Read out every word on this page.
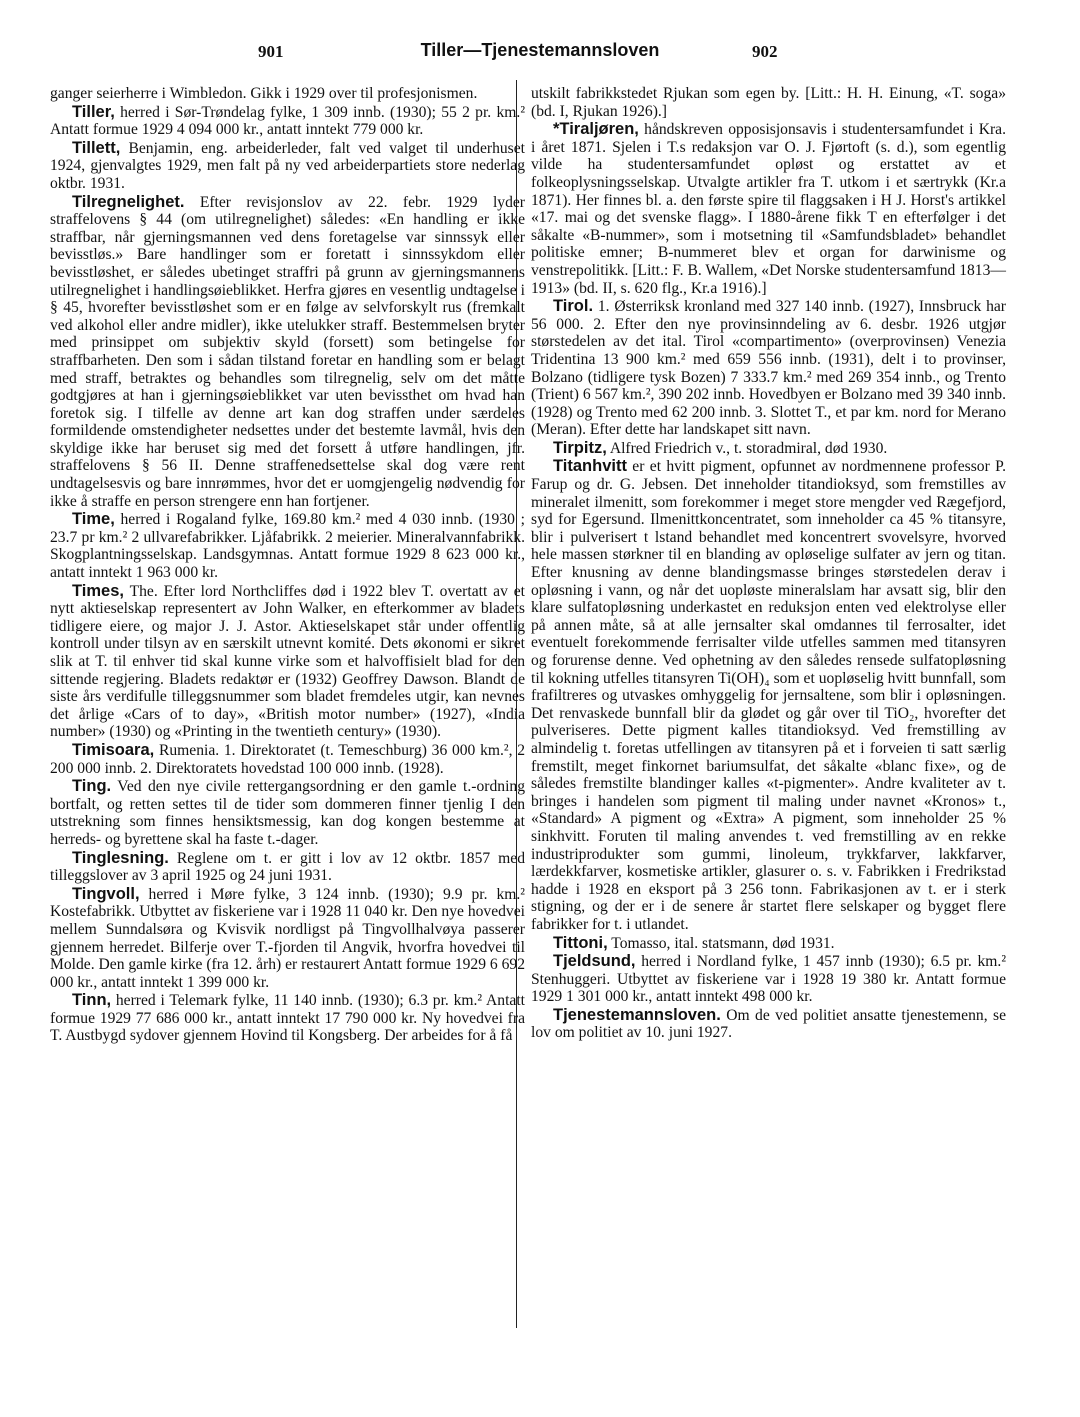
901	Tiller—Tjenestemannsloven	902

ganger seierherre i Wimbledon. Gikk i 1929 over til profesjonismen.

Tiller, herred i Sør-Trøndelag fylke, 1 309 innb. (1930); 55 2 pr. km.² Antatt formue 1929 4 094 000 kr., antatt inntekt 779 000 kr.

Tillett, Benjamin, eng. arbeiderleder, falt ved valget til underhuset 1924, gjenvalgtes 1929, men falt på ny ved arbeiderpartiets store nederlag oktbr. 1931.

Tilregnelighet. Efter revisjonslov av 22. febr. 1929 lyder straffelovens § 44 (om utilregnelighet) således: «En handling er ikke straffbar, når gjerningsmannen ved dens foretagelse var sinnssyk eller bevisstløs.» Bare handlinger som er foretatt i sinnssykdom eller bevisstløshet, er således ubetinget straffri på grunn av gjerningsmannens utilregnelighet i handlingsøieblikket. Herfra gjøres en vesentlig undtagelse i § 45, hvorefter bevisstløshet som er en følge av selvforskylt rus (fremkalt ved alkohol eller andre midler), ikke utelukker straff. Bestemmelsen bryter med prinsippet om subjektiv skyld (forsett) som betingelse for straffbarheten. Den som i sådan tilstand foretar en handling som er belagt med straff, betraktes og behandles som tilregnelig, selv om det måtte godtgjøres at han i gjerningsøieblikket var uten bevissthet om hvad han foretok sig. I tilfelle av denne art kan dog straffen under særdeles formildende omstendigheter nedsettes under det bestemte lavmål, hvis den skyldige ikke har beruset sig med det forsett å utføre handlingen, jfr. straffelovens § 56 II. Denne straffenedsettelse skal dog være rent undtagelsesvis og bare innrømmes, hvor det er uomgjengelig nødvendig for ikke å straffe en person strengere enn han fortjener.

Time, herred i Rogaland fylke, 169.80 km.² med 4 030 innb. (1930 ; 23.7 pr km.² 2 ullvarefabrikker. Ljåfabrikk. 2 meierier. Mineralvannfabrikk. Skogplantningsselskap. Landsgymnas. Antatt formue 1929 8 623 000 kr., antatt inntekt 1 963 000 kr.

Times, The. Efter lord Northcliffes død i 1922 blev T. overtatt av et nytt aktieselskap representert av John Walker, en efterkommer av bladets tidligere eiere, og major J. J. Astor. Aktieselskapet står under offentlig kontroll under tilsyn av en særskilt utnevnt komité. Dets økonomi er sikret slik at T. til enhver tid skal kunne virke som et halvoffisielt blad for den sittende regjering. Bladets redaktør er (1932) Geoffrey Dawson. Blandt de siste års verdifulle tilleggsnummer som bladet fremdeles utgir, kan nevnes det årlige «Cars of to day», «British motor number» (1927), «India number» (1930) og «Printing in the twentieth century» (1930).

Timisoara, Rumenia. 1. Direktoratet (t. Temeschburg) 36 000 km.², 2 200 000 innb. 2. Direktoratets hovedstad 100 000 innb. (1928).

Ting. Ved den nye civile rettergangsordning er den gamle t.-ordning bortfalt, og retten settes til de tider som dommeren finner tjenlig I den utstrekning som finnes hensiktsmessig, kan dog kongen bestemme at herreds- og byrettene skal ha faste t.-dager.

Tinglesning. Reglene om t. er gitt i lov av 12 oktbr. 1857 med tilleggslover av 3 april 1925 og 24 juni 1931.

Tingvoll, herred i Møre fylke, 3 124 innb. (1930); 9.9 pr. km.² Kostefabrikk. Utbyttet av fiskeriene var i 1928 11 040 kr. Den nye hovedvei mellem Sunndalsøra og Kvisvik nordligst på Tingvollhalvøya passerer gjennem herredet. Bilferje over T.-fjorden til Angvik, hvorfra hovedvei til Molde. Den gamle kirke (fra 12. årh) er restaurert Antatt formue 1929 6 692 000 kr., antatt inntekt 1 399 000 kr.

Tinn, herred i Telemark fylke, 11 140 innb. (1930); 6.3 pr. km.² Antatt formue 1929 77 686 000 kr., antatt inntekt 17 790 000 kr. Ny hovedvei fra T. Austbygd sydover gjennem Hovind til Kongsberg. Der arbeides for å få

utskilt fabrikkstedet Rjukan som egen by. [Litt.: H. H. Einung, «T. soga» (bd. I, Rjukan 1926).]

*Tiraljøren, håndskreven opposisjonsavis i studentersamfundet i Kra. i året 1871. Sjelen i T.s redaksjon var O. J. Fjørtoft (s. d.), som egentlig vilde ha studentersamfundet opløst og erstattet av et folkeoplysningsselskap. Utvalgte artikler fra T. utkom i et særtrykk (Kr.a 1871). Her finnes bl. a. den første spire til flaggsaken i H J. Horst's artikkel «17. mai og det svenske flagg». I 1880-årene fikk T en efterfølger i det såkalte «B-nummer», som i motsetning til «Samfundsbladet» behandlet politiske emner; B-nummeret blev et organ for darwinisme og venstrepolitikk. [Litt.: F. B. Wallem, «Det Norske studentersamfund 1813—1913» (bd. II, s. 620 flg., Kr.a 1916).]

Tirol. 1. Østerriksk kronland med 327 140 innb. (1927), Innsbruck har 56 000. 2. Efter den nye provinsinndeling av 6. desbr. 1926 utgjør størstedelen av det ital. Tirol «compartimento» (overprovinsen) Venezia Tridentina 13 900 km.² med 659 556 innb. (1931), delt i to provinser, Bolzano (tidligere tysk Bozen) 7 333.7 km.² med 269 354 innb., og Trento (Trient) 6 567 km.², 390 202 innb. Hovedbyen er Bolzano med 39 340 innb. (1928) og Trento med 62 200 innb. 3. Slottet T., et par km. nord for Merano (Meran). Efter dette har landskapet sitt navn.

Tirpitz, Alfred Friedrich v., t. storadmiral, død 1930.

Titanhvitt er et hvitt pigment, opfunnet av nordmennene professor P. Farup og dr. G. Jebsen. Det inneholder titandioksyd, som fremstilles av mineralet ilmenitt, som forekommer i meget store mengder ved Rægefjord, syd for Egersund. Ilmenittkoncentratet, som inneholder ca 45 % titansyre, blir i pulverisert t lstand behandlet med koncentrert svovelsyre, hvorved hele massen størkner til en blanding av opløselige sulfater av jern og titan. Efter knusning av denne blandingsmasse bringes størstedelen derav i opløsning i vann, og når det uopløste mineralslam har avsatt sig, blir den klare sulfatopløsning underkastet en reduksjon enten ved elektrolyse eller på annen måte, så at alle jernsalter skal omdannes til ferrosalter, idet eventuelt forekommende ferrisalter vilde utfelles sammen med titansyren og forurense denne. Ved ophetning av den således rensede sulfatopløsning til kokning utfelles titansyren Ti(OH)₄ som et uopløselig hvitt bunnfall, som frafiltreres og utvaskes omhyggelig for jernsaltene, som blir i opløsningen. Det renvaskede bunnfall blir da glødet og går over til TiO₂, hvorefter det pulveriseres. Dette pigment kalles titandioksyd. Ved fremstilling av almindelig t. foretas utfellingen av titansyren på et i forveien ti satt særlig fremstilt, meget finkornet bariumsulfat, det såkalte «blanc fixe», og de således fremstilte blandinger kalles «t-pigmenter». Andre kvaliteter av t. bringes i handelen som pigment til maling under navnet «Kronos» t., «Standard» A pigment og «Extra» A pigment, som inneholder 25 % sinkhvitt. Foruten til maling anvendes t. ved fremstilling av en rekke industriprodukter som gummi, linoleum, trykkfarver, lakkfarver, lærdekkfarver, kosmetiske artikler, glasurer o. s. v. Fabrikken i Fredrikstad hadde i 1928 en eksport på 3 256 tonn. Fabrikasjonen av t. er i sterk stigning, og der er i de senere år startet flere selskaper og bygget flere fabrikker for t. i utlandet.

Tittoni, Tomasso, ital. statsmann, død 1931.

Tjeldsund, herred i Nordland fylke, 1 457 innb (1930); 6.5 pr. km.² Stenhuggeri. Utbyttet av fiskeriene var i 1928 19 380 kr. Antatt formue 1929 1 301 000 kr., antatt inntekt 498 000 kr.

Tjenestemannsloven. Om de ved politiet ansatte tjenestemenn, se lov om politiet av 10. juni 1927.
